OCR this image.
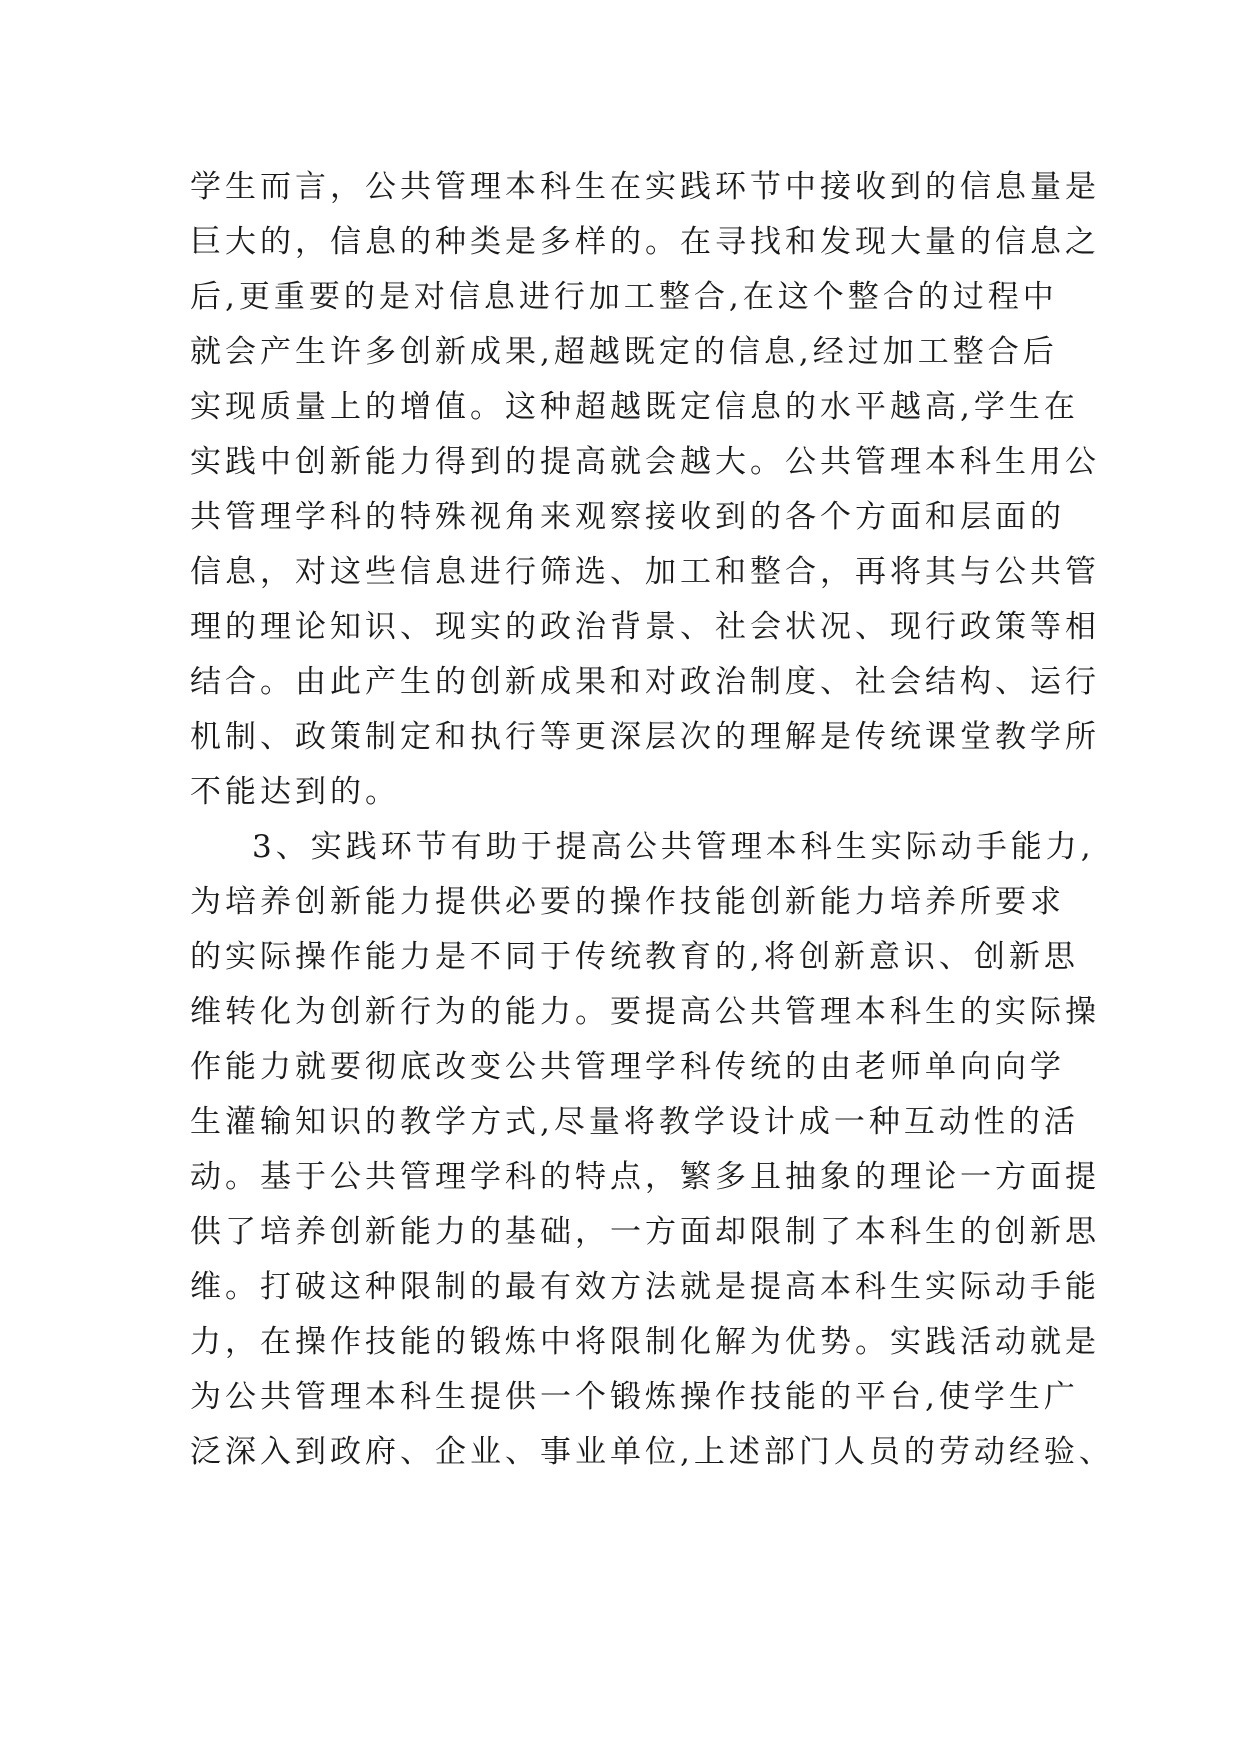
学生而言，公共管理本科生在实践环节中接收到的信息量是
巨大的，信息的种类是多样的。在寻找和发现大量的信息之
后,更重要的是对信息进行加工整合,在这个整合的过程中
就会产生许多创新成果,超越既定的信息,经过加工整合后
实现质量上的增值。这种超越既定信息的水平越高,学生在
实践中创新能力得到的提高就会越大。公共管理本科生用公
共管理学科的特殊视角来观察接收到的各个方面和层面的
信息，对这些信息进行筛选、加工和整合，再将其与公共管
理的理论知识、现实的政治背景、社会状况、现行政策等相
结合。由此产生的创新成果和对政治制度、社会结构、运行
机制、政策制定和执行等更深层次的理解是传统课堂教学所
不能达到的。
3、实践环节有助于提高公共管理本科生实际动手能力,
为培养创新能力提供必要的操作技能创新能力培养所要求
的实际操作能力是不同于传统教育的,将创新意识、创新思
维转化为创新行为的能力。要提高公共管理本科生的实际操
作能力就要彻底改变公共管理学科传统的由老师单向向学
生灌输知识的教学方式,尽量将教学设计成一种互动性的活
动。基于公共管理学科的特点，繁多且抽象的理论一方面提
供了培养创新能力的基础，一方面却限制了本科生的创新思
维。打破这种限制的最有效方法就是提高本科生实际动手能
力，在操作技能的锻炼中将限制化解为优势。实践活动就是
为公共管理本科生提供一个锻炼操作技能的平台,使学生广
泛深入到政府、企业、事业单位,上述部门人员的劳动经验、
